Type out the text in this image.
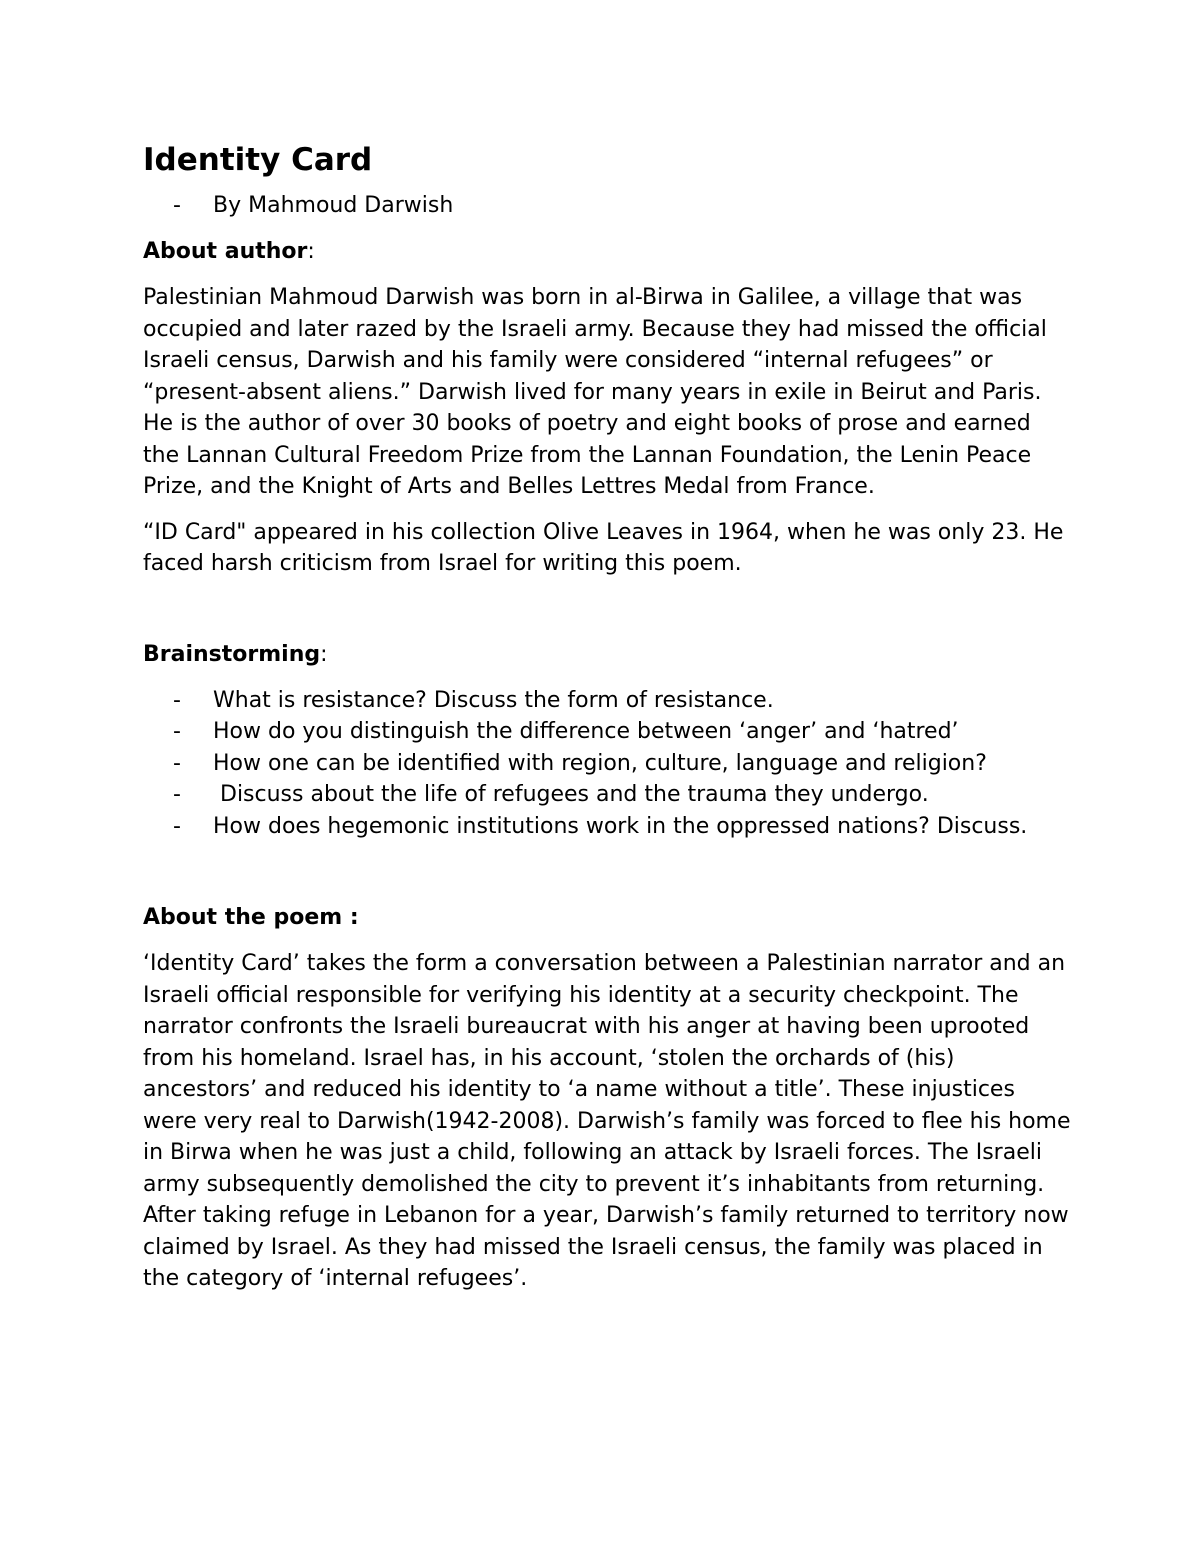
Identity Card
-	By Mahmoud Darwish
About author:

Palestinian Mahmoud Darwish was born in al-Birwa in Galilee, a village that was occupied and later razed by the Israeli army. Because they had missed the official Israeli census, Darwish and his family were considered “internal refugees” or “present-absent aliens.” Darwish lived for many years in exile in Beirut and Paris. He is the author of over 30 books of poetry and eight books of prose and earned the Lannan Cultural Freedom Prize from the Lannan Foundation, the Lenin Peace Prize, and the Knight of Arts and Belles Lettres Medal from France.

“ID Card" appeared in his collection Olive Leaves in 1964, when he was only 23. He faced harsh criticism from Israel for writing this poem.

Brainstorming:
-	What is resistance? Discuss the form of resistance.
-	How do you distinguish the difference between ‘anger’ and ‘hatred’
-	How one can be identified with region, culture, language and religion?
-	Discuss about the life of refugees and the trauma they undergo.
-	How does hegemonic institutions work in the oppressed nations? Discuss.
About the poem :

‘Identity Card’ takes the form a conversation between a Palestinian narrator and an Israeli official responsible for verifying his identity at a security checkpoint. The narrator confronts the Israeli bureaucrat with his anger at having been uprooted from his homeland. Israel has, in his account, ‘stolen the orchards of (his) ancestors’ and reduced his identity to ‘a name without a title’. These injustices were very real to Darwish(1942-2008). Darwish’s family was forced to flee his home in Birwa when he was just a child, following an attack by Israeli forces. The Israeli army subsequently demolished the city to prevent it’s inhabitants from returning. After taking refuge in Lebanon for a year, Darwish’s family returned to territory now claimed by Israel. As they had missed the Israeli census, the family was placed in the category of ‘internal refugees’.
